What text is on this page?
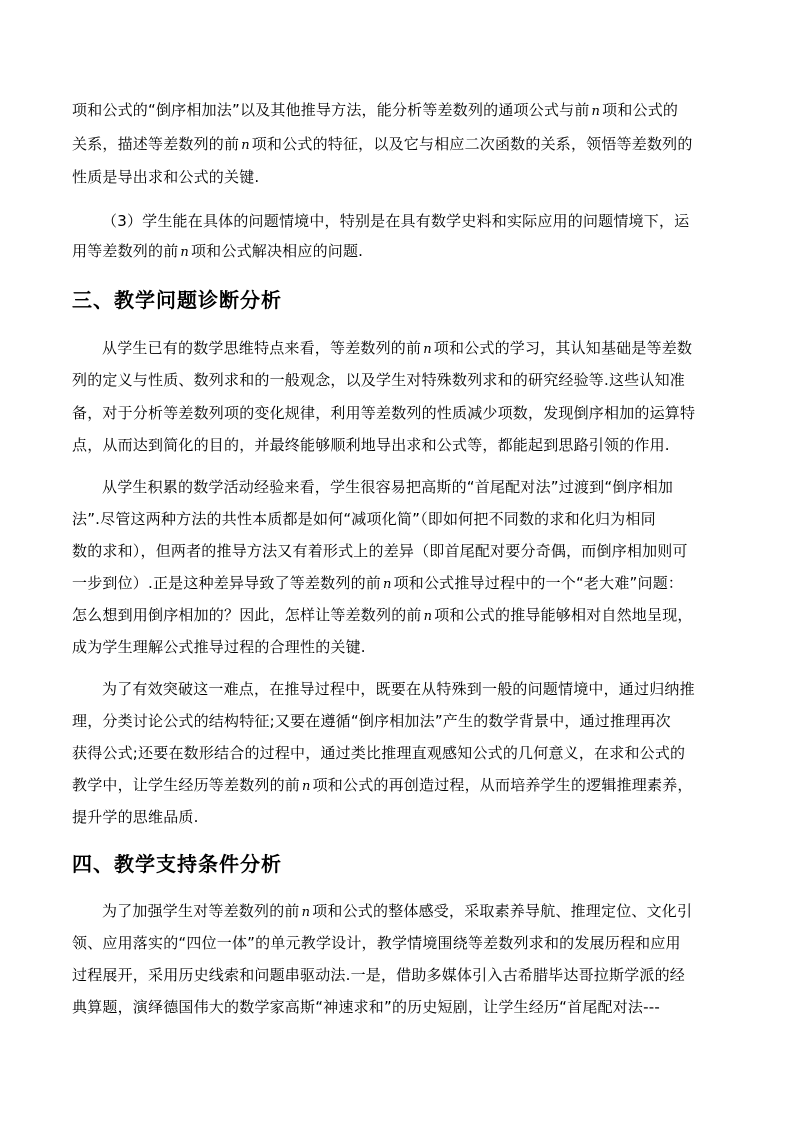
项和公式的“倒序相加法”以及其他推导方法，能分析等差数列的通项公式与前 n 项和公式的
关系，描述等差数列的前 n 项和公式的特征，以及它与相应二次函数的关系，领悟等差数列的
性质是导出求和公式的关键.
（3）学生能在具体的问题情境中，特别是在具有数学史料和实际应用的问题情境下，运
用等差数列的前 n 项和公式解决相应的问题.
三、教学问题诊断分析
从学生已有的数学思维特点来看，等差数列的前 n 项和公式的学习，其认知基础是等差数
列的定义与性质、数列求和的一般观念，以及学生对特殊数列求和的研究经验等.这些认知准
备，对于分析等差数列项的变化规律，利用等差数列的性质减少项数，发现倒序相加的运算特
点，从而达到简化的目的，并最终能够顺利地导出求和公式等，都能起到思路引领的作用.
从学生积累的数学活动经验来看，学生很容易把高斯的“首尾配对法”过渡到“倒序相加
法”.尽管这两种方法的共性本质都是如何“减项化简”（即如何把不同数的求和化归为相同
数的求和），但两者的推导方法又有着形式上的差异（即首尾配对要分奇偶，而倒序相加则可
一步到位）.正是这种差异导致了等差数列的前 n 项和公式推导过程中的一个“老大难”问题：
怎么想到用倒序相加的？因此，怎样让等差数列的前 n 项和公式的推导能够相对自然地呈现，
成为学生理解公式推导过程的合理性的关键.
为了有效突破这一难点，在推导过程中，既要在从特殊到一般的问题情境中，通过归纳推
理，分类讨论公式的结构特征;又要在遵循“倒序相加法”产生的数学背景中，通过推理再次
获得公式;还要在数形结合的过程中，通过类比推理直观感知公式的几何意义，在求和公式的
教学中，让学生经历等差数列的前 n 项和公式的再创造过程，从而培养学生的逻辑推理素养，
提升学的思维品质.
四、教学支持条件分析
为了加强学生对等差数列的前 n 项和公式的整体感受，采取素养导航、推理定位、文化引
领、应用落实的“四位一体”的单元教学设计，教学情境围绕等差数列求和的发展历程和应用
过程展开，采用历史线索和问题串驱动法.一是，借助多媒体引入古希腊毕达哥拉斯学派的经
典算题，演绎德国伟大的数学家高斯“神速求和”的历史短剧，让学生经历“首尾配对法---
